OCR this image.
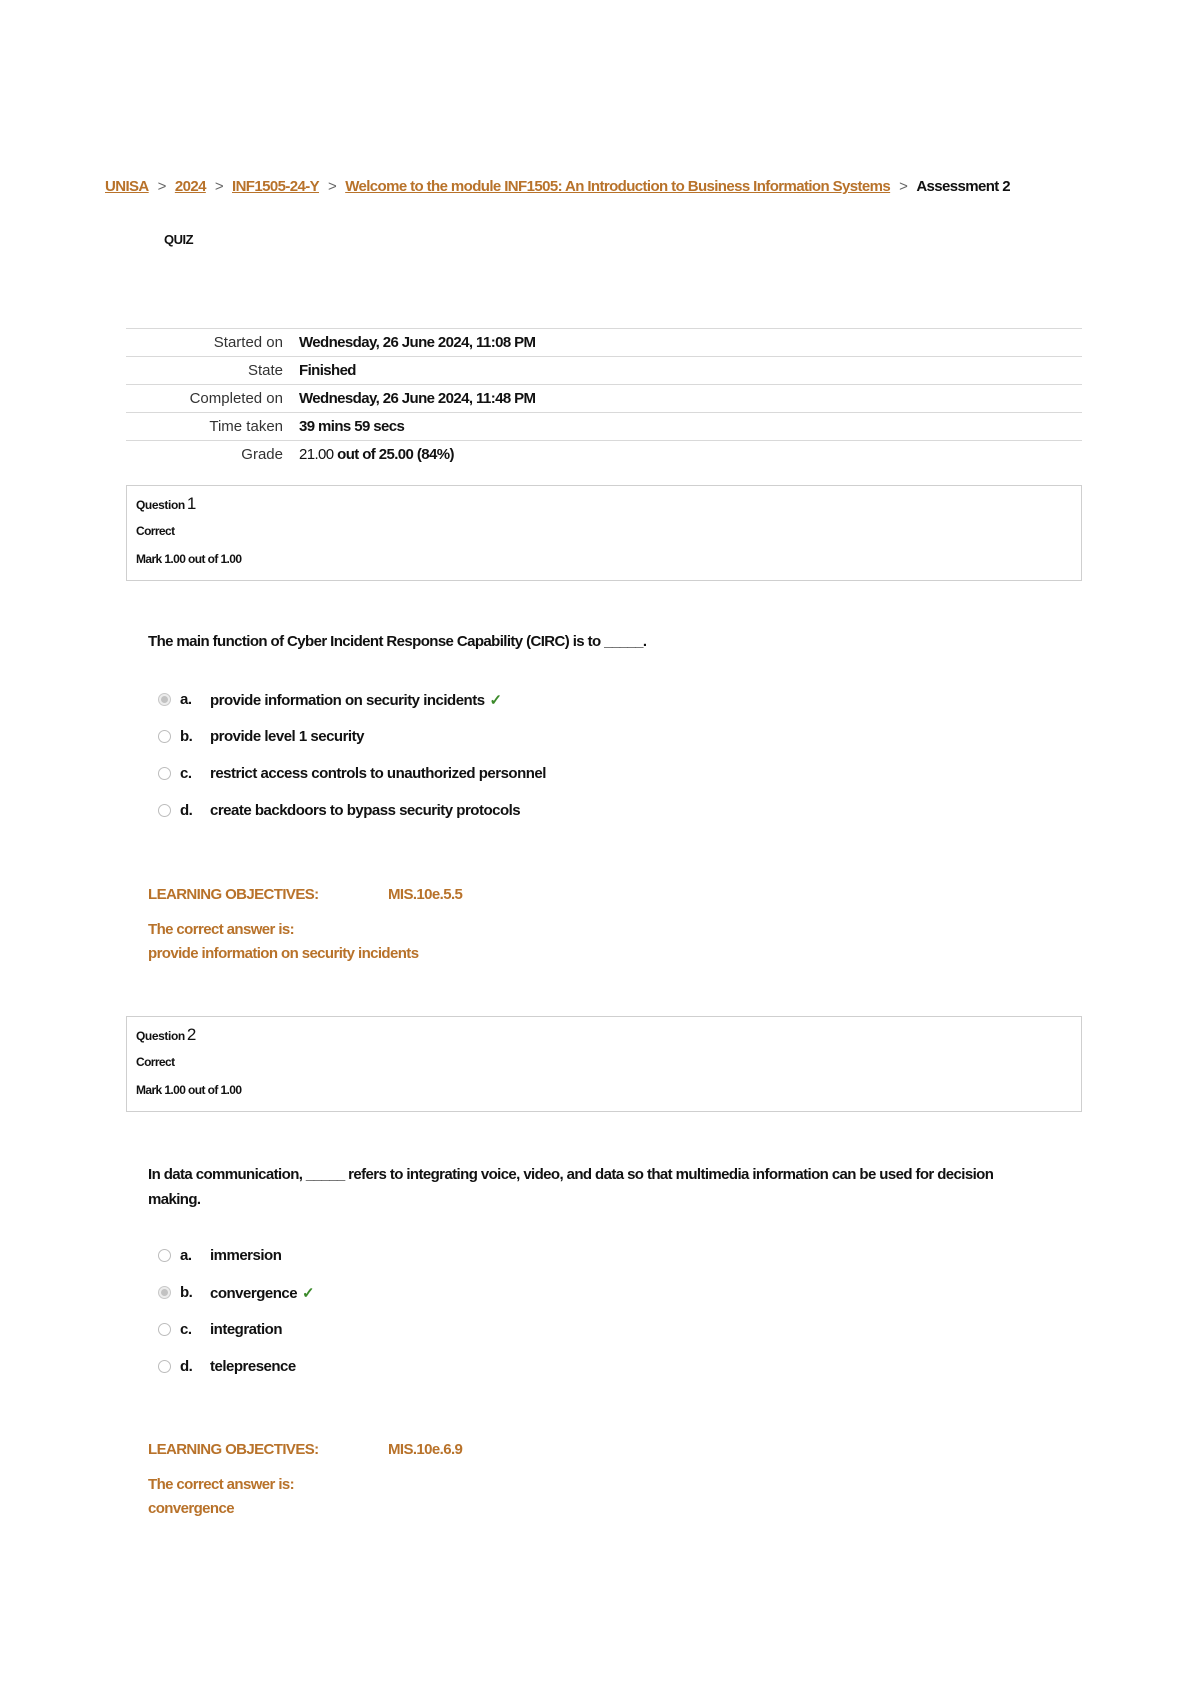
UNISA > 2024 > INF1505-24-Y > Welcome to the module INF1505: An Introduction to Business Information Systems > Assessment 2
QUIZ
Started on	Wednesday, 26 June 2024, 11:08 PM
State	Finished
Completed on	Wednesday, 26 June 2024, 11:48 PM
Time taken	39 mins 59 secs
Grade	21.00 out of 25.00 (84%)
Question 1
Correct
Mark 1.00 out of 1.00
The main function of Cyber Incident Response Capability (CIRC) is to _____.
a. provide information on security incidents ✓
b. provide level 1 security
c. restrict access controls to unauthorized personnel
d. create backdoors to bypass security protocols
LEARNING OBJECTIVES:	MIS.10e.5.5
The correct answer is:
provide information on security incidents
Question 2
Correct
Mark 1.00 out of 1.00
In data communication, _____ refers to integrating voice, video, and data so that multimedia information can be used for decision making.
a. immersion
b. convergence ✓
c. integration
d. telepresence
LEARNING OBJECTIVES:	MIS.10e.6.9
The correct answer is:
convergence
